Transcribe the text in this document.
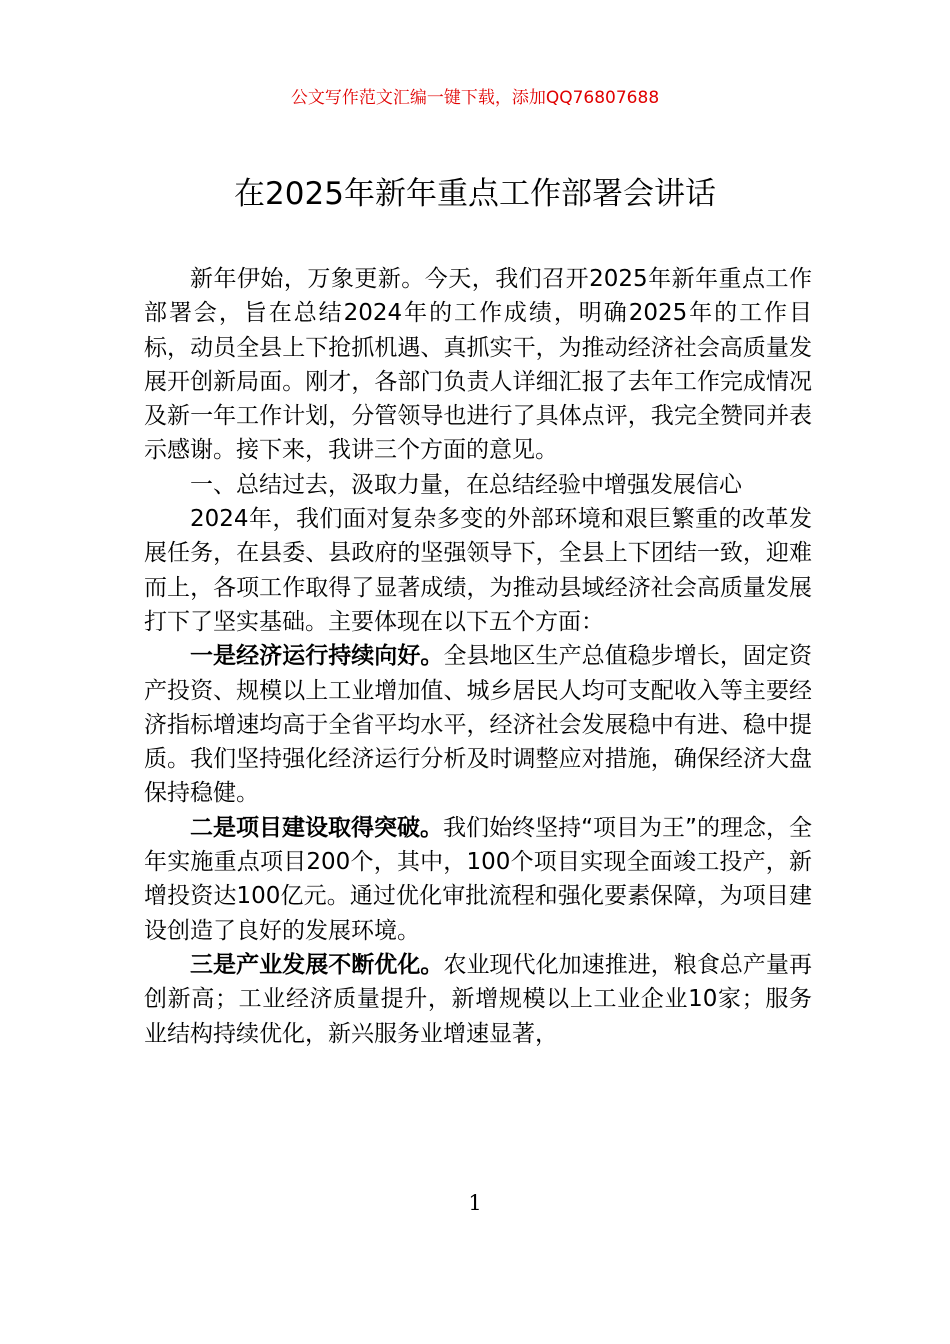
公文写作范文汇编一键下载，添加QQ76807688
在2025年新年重点工作部署会讲话

新年伊始，万象更新。今天，我们召开2025年新年重点工作部署会，旨在总结2024年的工作成绩，明确2025年的工作目标，动员全县上下抢抓机遇、真抓实干，为推动经济社会高质量发展开创新局面。刚才，各部门负责人详细汇报了去年工作完成情况及新一年工作计划，分管领导也进行了具体点评，我完全赞同并表示感谢。接下来，我讲三个方面的意见。

一、总结过去，汲取力量，在总结经验中增强发展信心

2024年，我们面对复杂多变的外部环境和艰巨繁重的改革发展任务，在县委、县政府的坚强领导下，全县上下团结一致，迎难而上，各项工作取得了显著成绩，为推动县域经济社会高质量发展打下了坚实基础。主要体现在以下五个方面：

一是经济运行持续向好。全县地区生产总值稳步增长，固定资产投资、规模以上工业增加值、城乡居民人均可支配收入等主要经济指标增速均高于全省平均水平，经济社会发展稳中有进、稳中提质。我们坚持强化经济运行分析及时调整应对措施，确保经济大盘保持稳健。

二是项目建设取得突破。我们始终坚持“项目为王”的理念，全年实施重点项目200个，其中，100个项目实现全面竣工投产，新增投资达100亿元。通过优化审批流程和强化要素保障，为项目建设创造了良好的发展环境。

三是产业发展不断优化。农业现代化加速推进，粮食总产量再创新高；工业经济质量提升，新增规模以上工业企业10家；服务业结构持续优化，新兴服务业增速显著，

1
